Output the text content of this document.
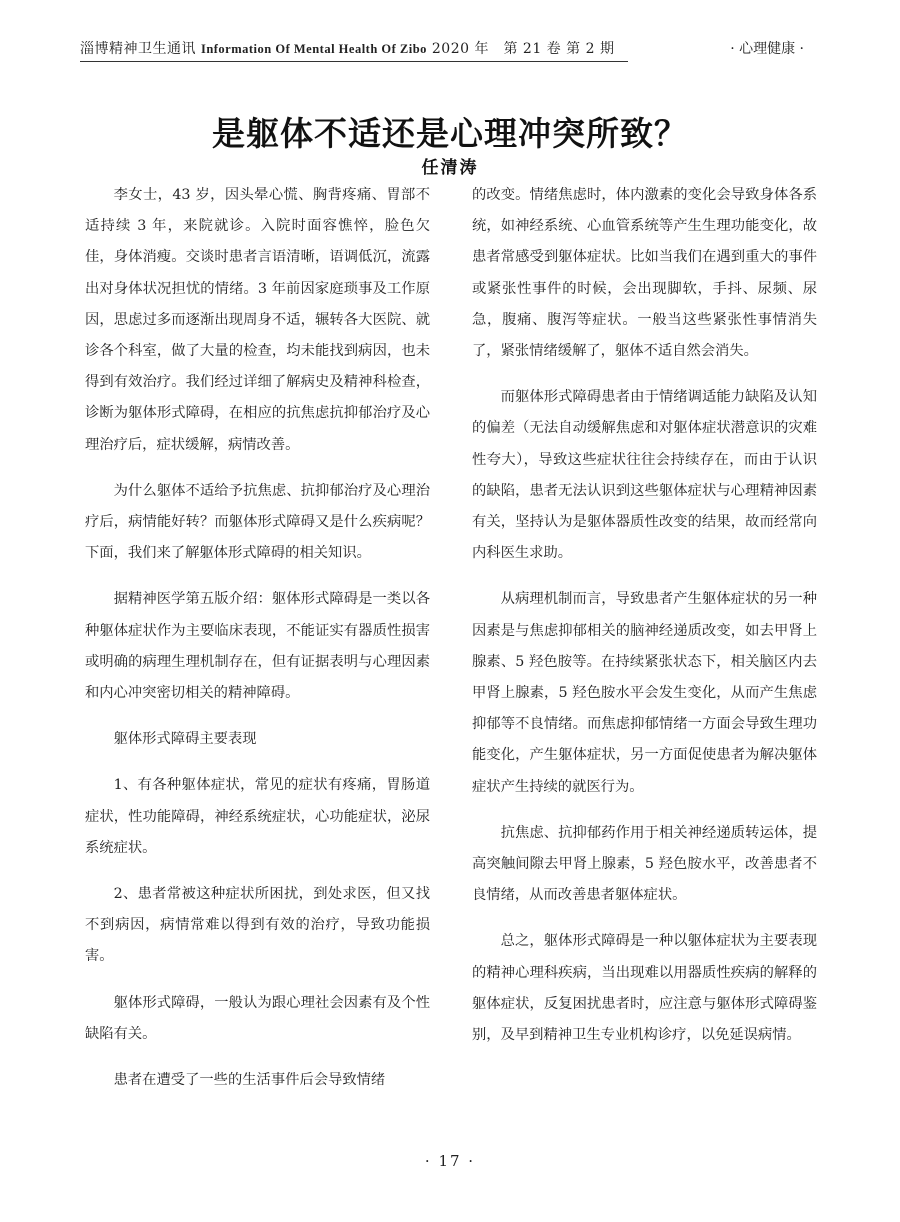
淄博精神卫生通讯 Information Of Mental Health Of Zibo 2020 年　第 21 卷 第 2 期	· 心理健康 ·
是躯体不适还是心理冲突所致？
任清涛

李女士，43 岁，因头晕心慌、胸背疼痛、胃部不适持续 3 年，来院就诊。入院时面容憔悴，脸色欠佳，身体消瘦。交谈时患者言语清晰，语调低沉，流露出对身体状况担忧的情绪。3 年前因家庭琐事及工作原因，思虑过多而逐渐出现周身不适，辗转各大医院、就诊各个科室，做了大量的检查，均未能找到病因，也未得到有效治疗。我们经过详细了解病史及精神科检查，诊断为躯体形式障碍，在相应的抗焦虑抗抑郁治疗及心理治疗后，症状缓解，病情改善。

为什么躯体不适给予抗焦虑、抗抑郁治疗及心理治疗后，病情能好转？而躯体形式障碍又是什么疾病呢？下面，我们来了解躯体形式障碍的相关知识。

据精神医学第五版介绍：躯体形式障碍是一类以各种躯体症状作为主要临床表现，不能证实有器质性损害或明确的病理生理机制存在，但有证据表明与心理因素和内心冲突密切相关的精神障碍。

躯体形式障碍主要表现

1、有各种躯体症状，常见的症状有疼痛，胃肠道症状，性功能障碍，神经系统症状，心功能症状，泌尿系统症状。

2、患者常被这种症状所困扰，到处求医，但又找不到病因，病情常难以得到有效的治疗，导致功能损害。

躯体形式障碍，一般认为跟心理社会因素有及个性缺陷有关。

患者在遭受了一些的生活事件后会导致情绪

的改变。情绪焦虑时，体内激素的变化会导致身体各系统，如神经系统、心血管系统等产生生理功能变化，故患者常感受到躯体症状。比如当我们在遇到重大的事件或紧张性事件的时候，会出现脚软，手抖、尿频、尿急，腹痛、腹泻等症状。一般当这些紧张性事情消失了，紧张情绪缓解了，躯体不适自然会消失。

而躯体形式障碍患者由于情绪调适能力缺陷及认知的偏差（无法自动缓解焦虑和对躯体症状潜意识的灾难性夸大），导致这些症状往往会持续存在，而由于认识的缺陷，患者无法认识到这些躯体症状与心理精神因素有关，坚持认为是躯体器质性改变的结果，故而经常向内科医生求助。

从病理机制而言，导致患者产生躯体症状的另一种因素是与焦虑抑郁相关的脑神经递质改变，如去甲肾上腺素、5 羟色胺等。在持续紧张状态下，相关脑区内去甲肾上腺素，5 羟色胺水平会发生变化，从而产生焦虑抑郁等不良情绪。而焦虑抑郁情绪一方面会导致生理功能变化，产生躯体症状，另一方面促使患者为解决躯体症状产生持续的就医行为。

抗焦虑、抗抑郁药作用于相关神经递质转运体，提高突触间隙去甲肾上腺素，5 羟色胺水平，改善患者不良情绪，从而改善患者躯体症状。

总之，躯体形式障碍是一种以躯体症状为主要表现的精神心理科疾病，当出现难以用器质性疾病的解释的躯体症状，反复困扰患者时，应注意与躯体形式障碍鉴别，及早到精神卫生专业机构诊疗，以免延误病情。

· 17 ·
